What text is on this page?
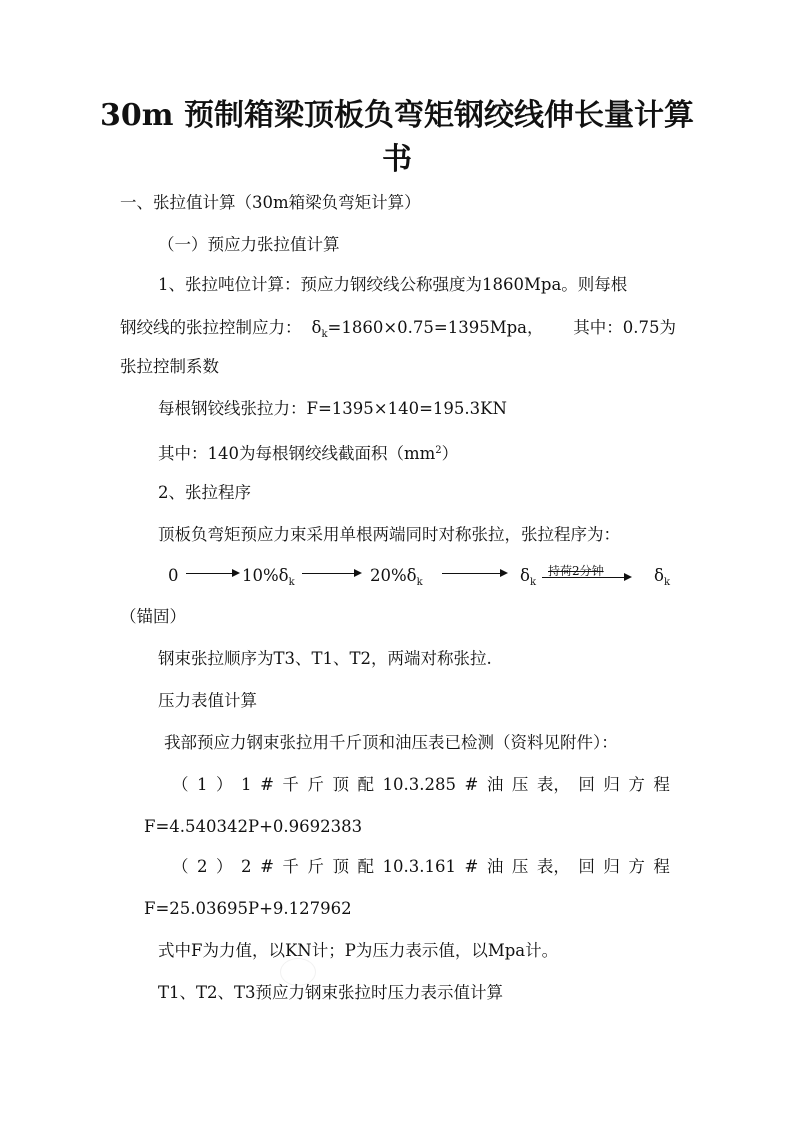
30m 预制箱梁顶板负弯矩钢绞线伸长量计算书
一、张拉值计算（30m箱梁负弯矩计算）
（一）预应力张拉值计算
1、张拉吨位计算：预应力钢绞线公称强度为1860Mpa。则每根
钢绞线的张拉控制应力： $\delta_k=1860\times 0.75=1395Mpa$， 其中：0.75为
张拉控制系数
每根钢铰线张拉力：F=1395×140=195.3KN
其中：140为每根钢绞线截面积$(mm^2)$
2、张拉程序
顶板负弯矩预应力束采用单根两端同时对称张拉，张拉程序为：
0	$10\%\delta_k$	$20\%\delta_k$	$\delta_k$
持荷2分钟	$\delta_k$
（锚固）
钢束张拉顺序为T3、T1、T2，两端对称张拉.
压力表值计算
我部预应力钢束张拉用千斤顶和油压表已检测（资料见附件）：
（ 1 ） 1 # 千 斤 顶 配 10.3.285 # 油 压 表， 回 归 方 程
F=4.540342P+0.9692383
（ 2 ） 2 # 千 斤 顶 配 10.3.161 # 油 压 表， 回 归 方 程
F=25.03695P+9.127962
式中F为力值，以KN计；P为压力表示值，以Mpa计。
T1、T2、T3预应力钢束张拉时压力表示值计算
